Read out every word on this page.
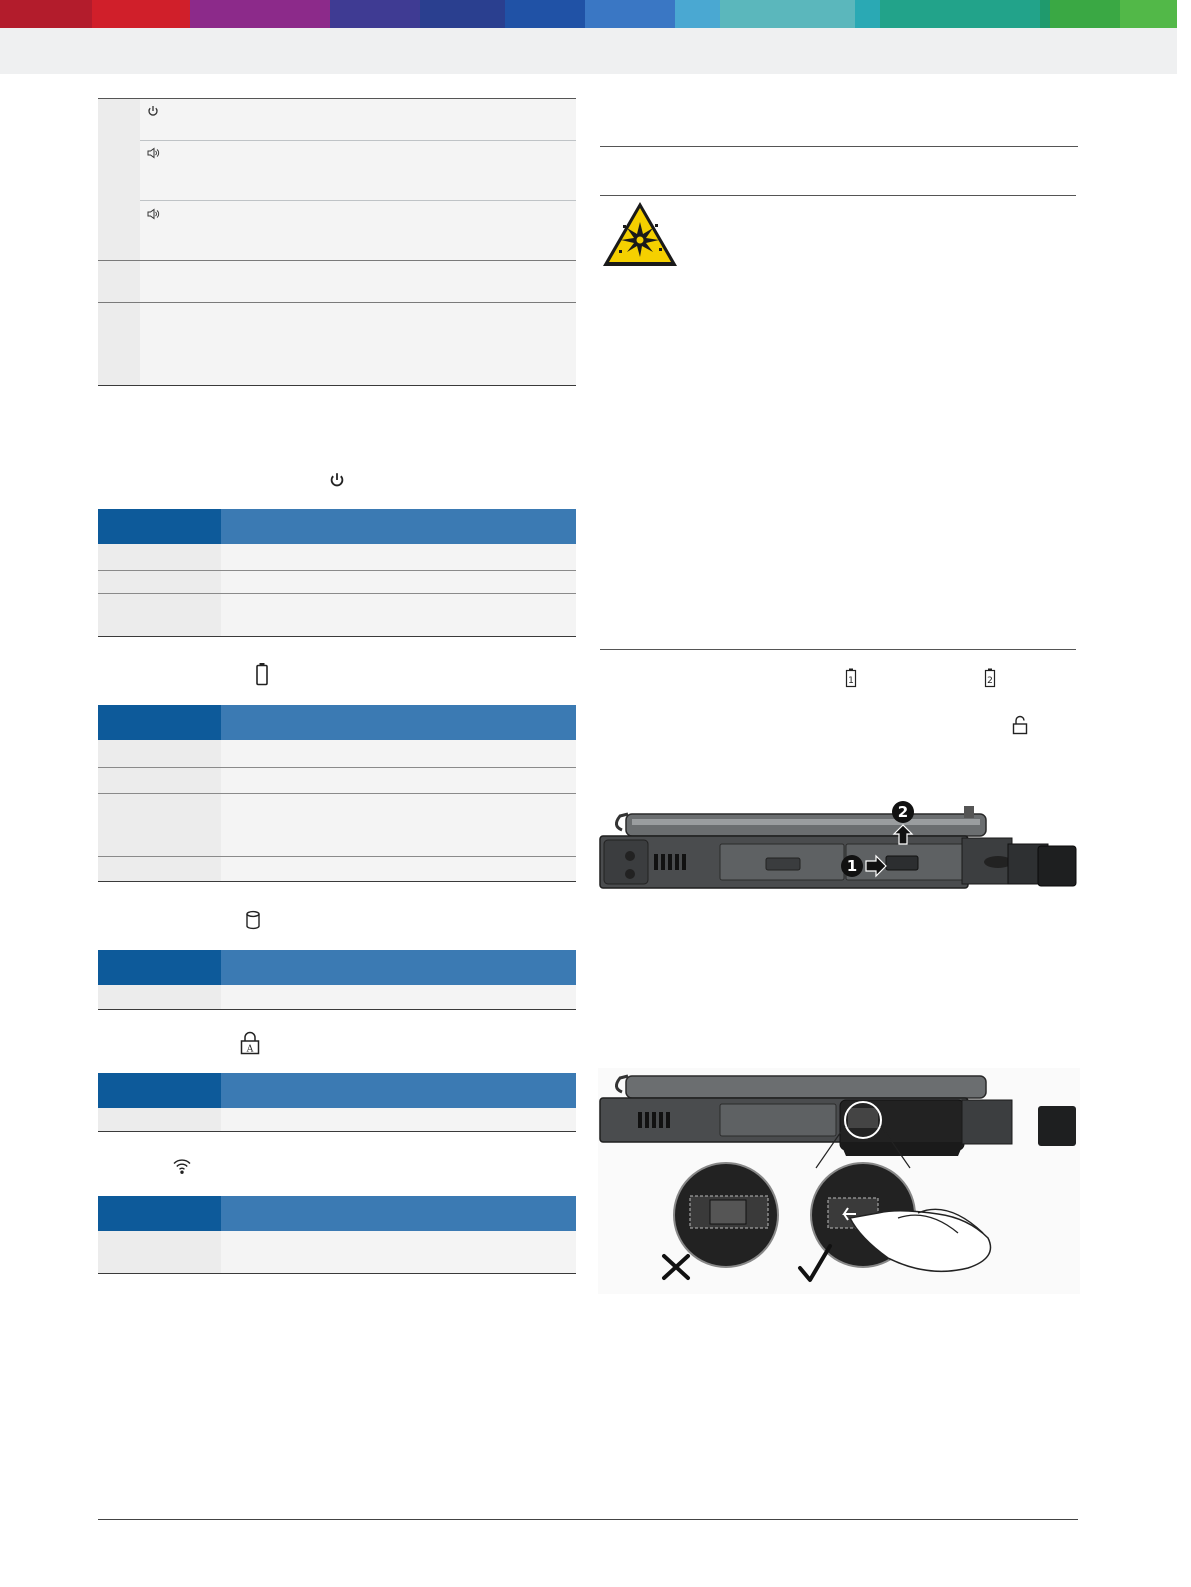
A
1	2
2
1
